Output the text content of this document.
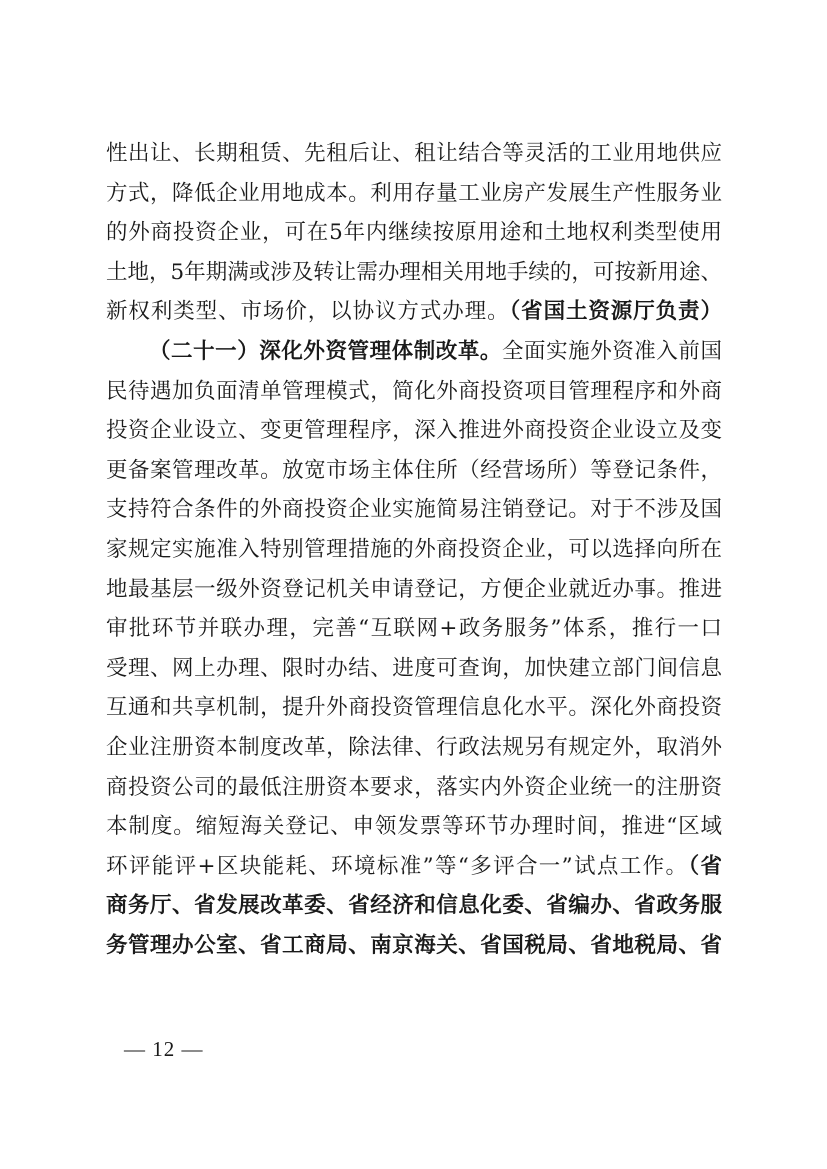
性出让、长期租赁、先租后让、租让结合等灵活的工业用地供应
方式，降低企业用地成本。利用存量工业房产发展生产性服务业
的外商投资企业，可在5年内继续按原用途和土地权利类型使用
土地，5年期满或涉及转让需办理相关用地手续的，可按新用途、
新权利类型、市场价，以协议方式办理。（省国土资源厅负责）
（二十一）深化外资管理体制改革。全面实施外资准入前国
民待遇加负面清单管理模式，简化外商投资项目管理程序和外商
投资企业设立、变更管理程序，深入推进外商投资企业设立及变
更备案管理改革。放宽市场主体住所（经营场所）等登记条件，
支持符合条件的外商投资企业实施简易注销登记。对于不涉及国
家规定实施准入特别管理措施的外商投资企业，可以选择向所在
地最基层一级外资登记机关申请登记，方便企业就近办事。推进
审批环节并联办理，完善“互联网+政务服务”体系，推行一口
受理、网上办理、限时办结、进度可查询，加快建立部门间信息
互通和共享机制，提升外商投资管理信息化水平。深化外商投资
企业注册资本制度改革，除法律、行政法规另有规定外，取消外
商投资公司的最低注册资本要求，落实内外资企业统一的注册资
本制度。缩短海关登记、申领发票等环节办理时间，推进“区域
环评能评+区块能耗、环境标准”等“多评合一”试点工作。（省
商务厅、省发展改革委、省经济和信息化委、省编办、省政务服
务管理办公室、省工商局、南京海关、省国税局、省地税局、省
— 12 —
